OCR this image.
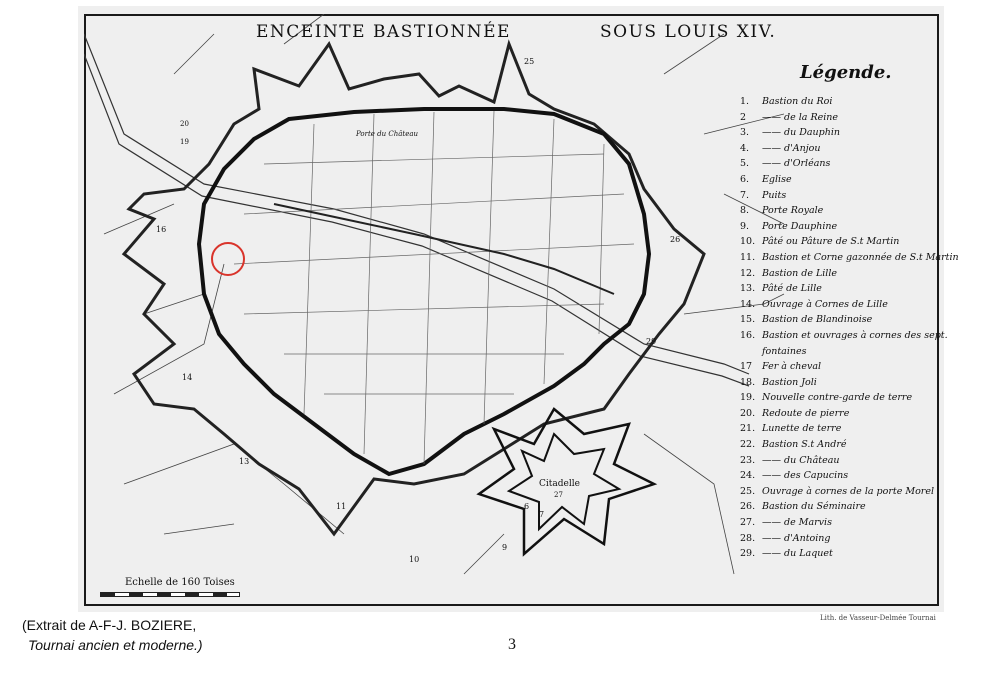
Porte du Château
Citadelle
27
25
16
14
13
11
10
9
6
7
29
26
20
19
ENCEINTE BASTIONNÉE	SOUS LOUIS XIV.
Légende.
1.	Bastion du Roi
2	—— de la Reine
3.	—— du Dauphin
4.	—— d'Anjou
5.	—— d'Orléans
6.	Eglise
7.	Puits
8.	Porte Royale
9.	Porte Dauphine
10. Pâté ou Pâture de S.t Martin
11. Bastion et Corne gazonnée de S.t Martin
12. Bastion de Lille
13. Pâté de Lille
14. Ouvrage à Cornes de Lille
15. Bastion de Blandinoise
16. Bastion et ouvrages à cornes des sept.
fontaines
17	Fer à cheval
18. Bastion Joli
19. Nouvelle contre-garde de terre
20. Redoute de pierre
21. Lunette de terre
22. Bastion S.t André
23. —— du Château
24. —— des Capucins
25. Ouvrage à cornes de la porte Morel
26. Bastion du Séminaire
27. —— de Marvis
28. —— d'Antoing
29. —— du Laquet
Echelle de 160 Toises
Lith. de Vasseur-Delmée Tournai
(Extrait de A-F-J. BOZIERE,
Tournai ancien et moderne.)	3
